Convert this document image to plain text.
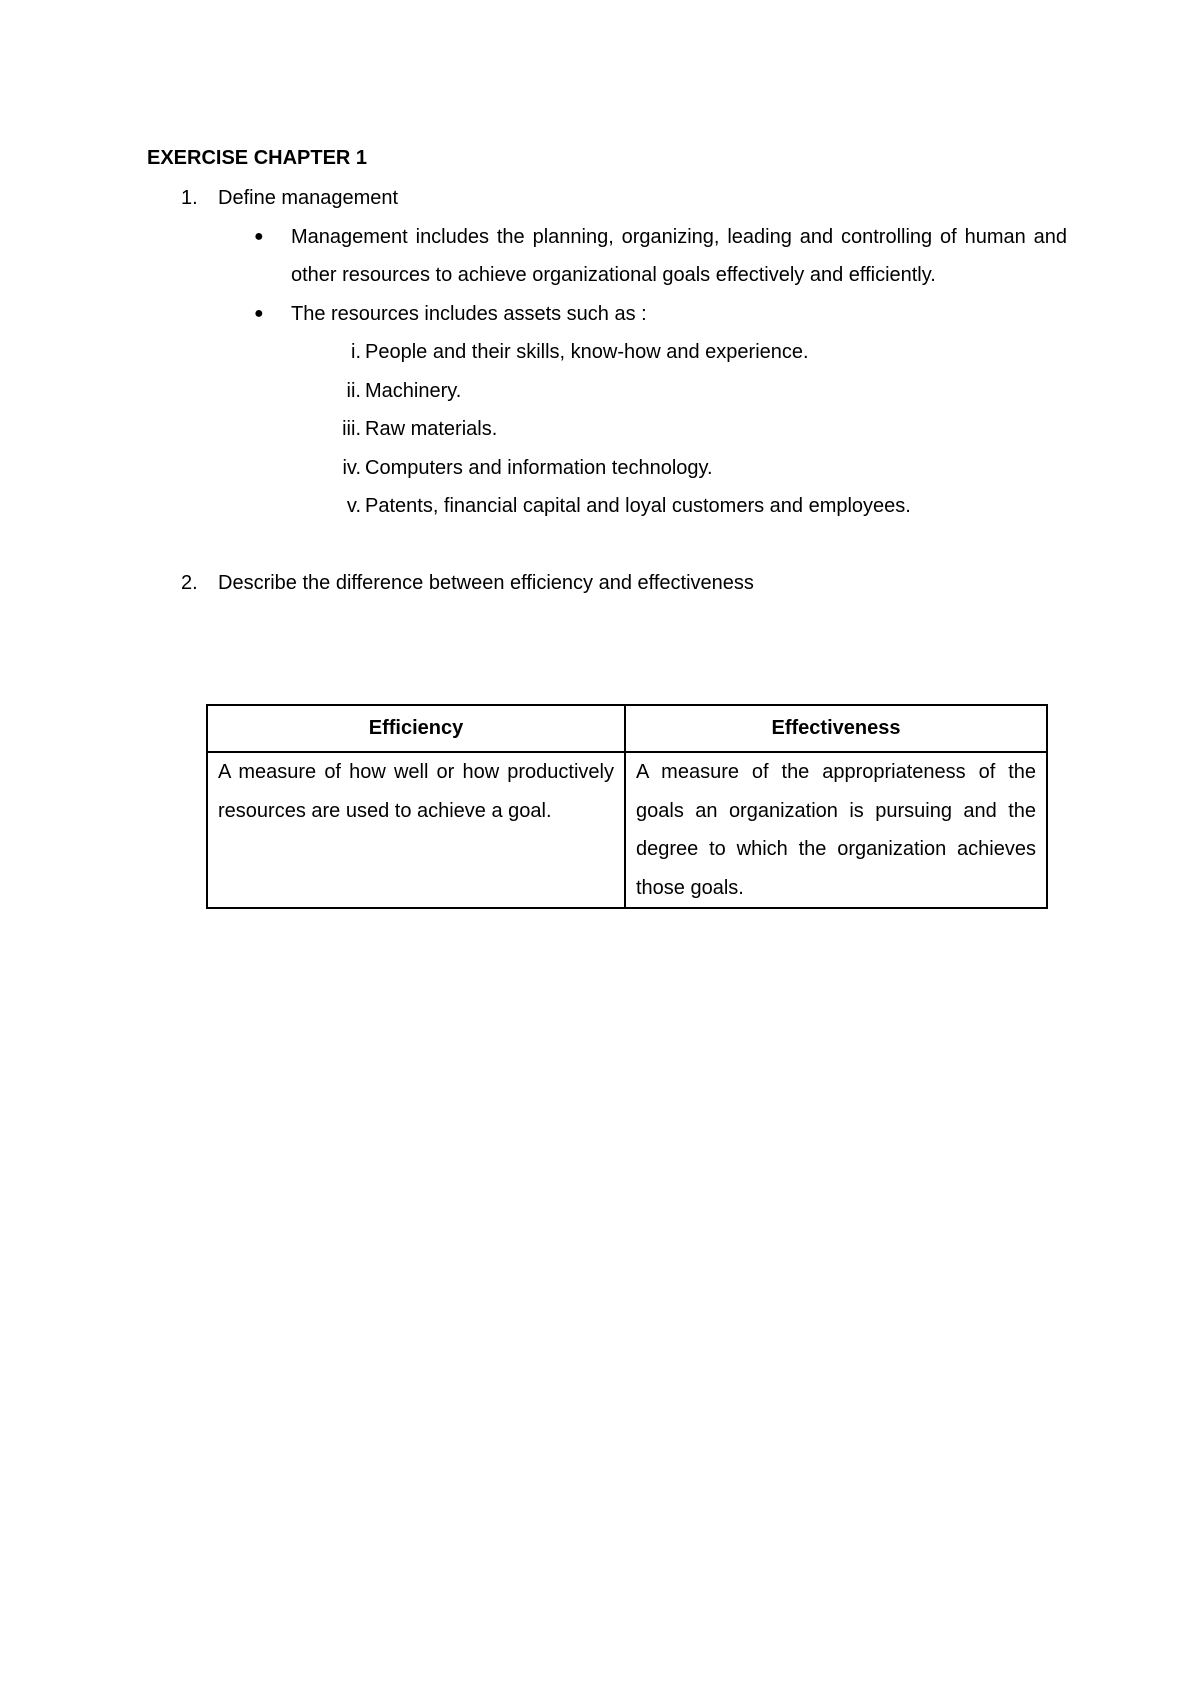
EXERCISE CHAPTER 1
1. Define management
● Management includes the planning, organizing, leading and controlling of human and other resources to achieve organizational goals effectively and efficiently.
● The resources includes assets such as :
i. People and their skills, know-how and experience.
ii. Machinery.
iii. Raw materials.
iv. Computers and information technology.
v. Patents, financial capital and loyal customers and employees.
2. Describe the difference between efficiency and effectiveness
Efficiency	Effectiveness
A measure of how well or how productively resources are used to achieve a goal.	A measure of the appropriateness of the goals an organization is pursuing and the degree to which the organization achieves those goals.
